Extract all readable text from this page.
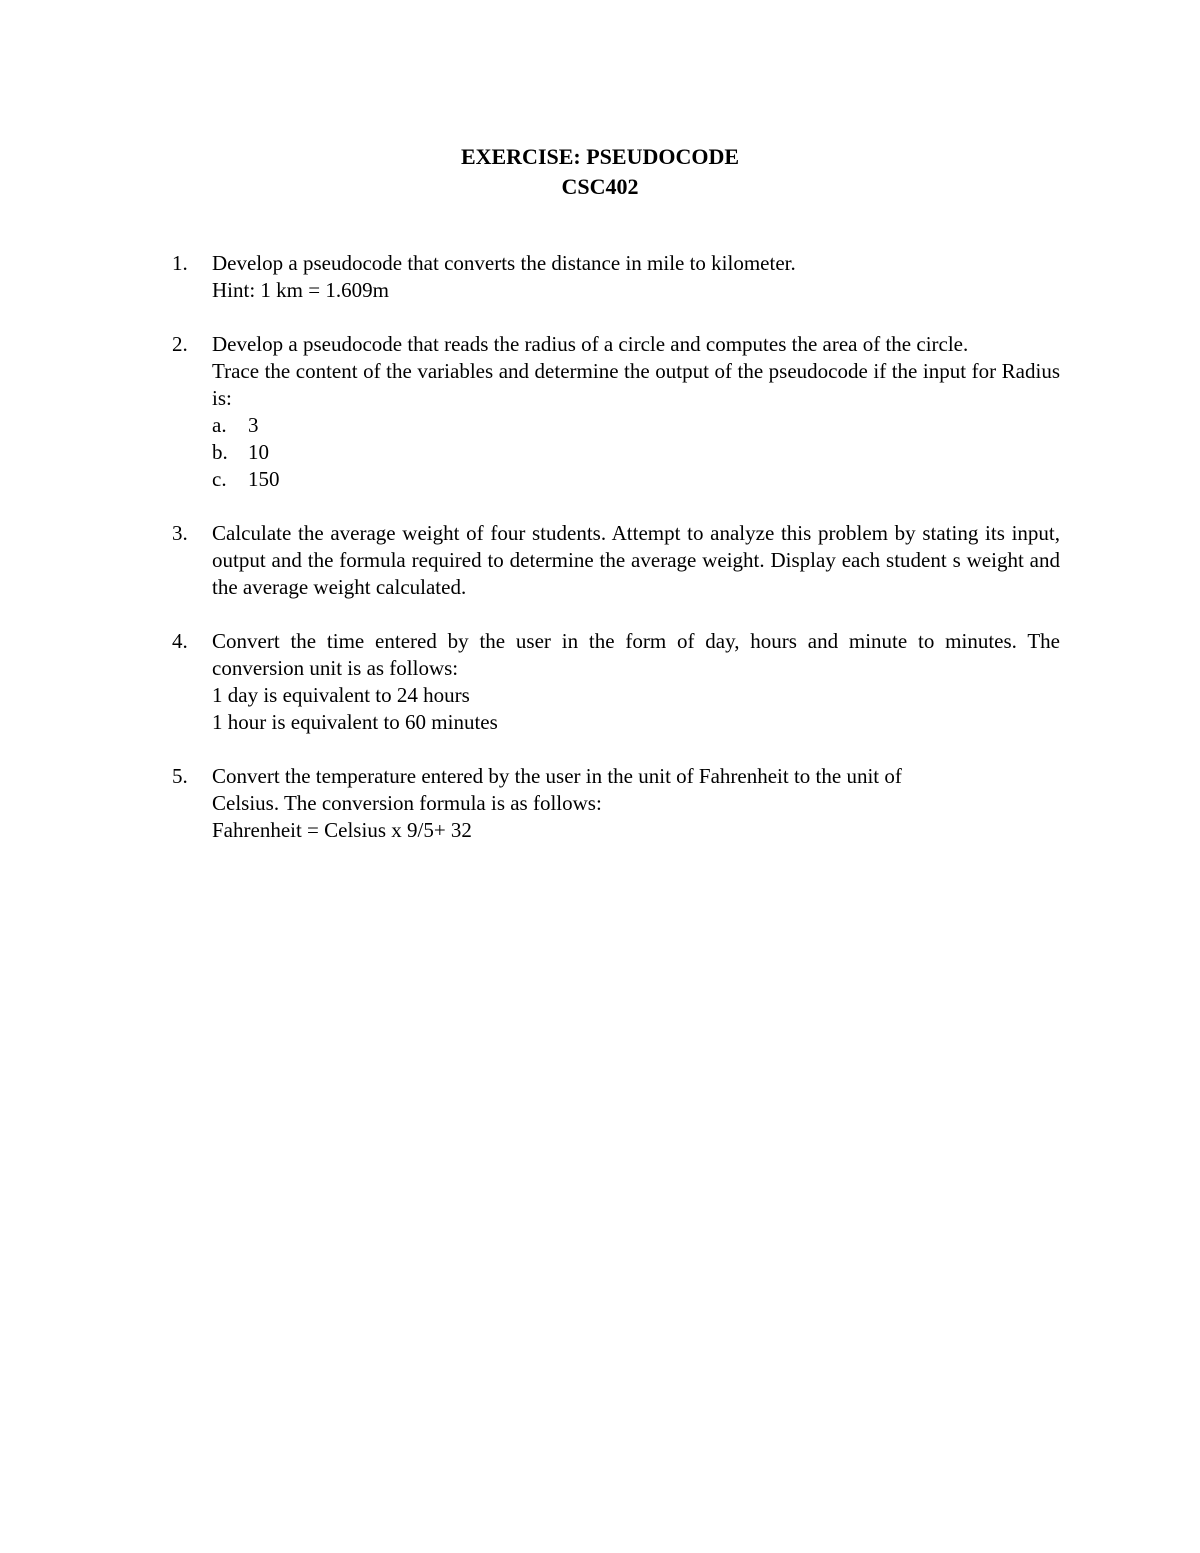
EXERCISE: PSEUDOCODE
CSC402
1.	Develop a pseudocode that converts the distance in mile to kilometer.
Hint: 1 km = 1.609m
2.	Develop a pseudocode that reads the radius of a circle and computes the area of the circle.
Trace the content of the variables and determine the output of the pseudocode if the input for Radius is:
a. 3
b. 10
c. 150
3.	Calculate the average weight of four students. Attempt to analyze this problem by stating its input, output and the formula required to determine the average weight. Display each student s weight and the average weight calculated.
4.	Convert the time entered by the user in the form of day, hours and minute to minutes. The conversion unit is as follows:
1 day is equivalent to 24 hours
1 hour is equivalent to 60 minutes
5.	Convert the temperature entered by the user in the unit of Fahrenheit to the unit of
Celsius. The conversion formula is as follows:
Fahrenheit = Celsius x 9/5+ 32
